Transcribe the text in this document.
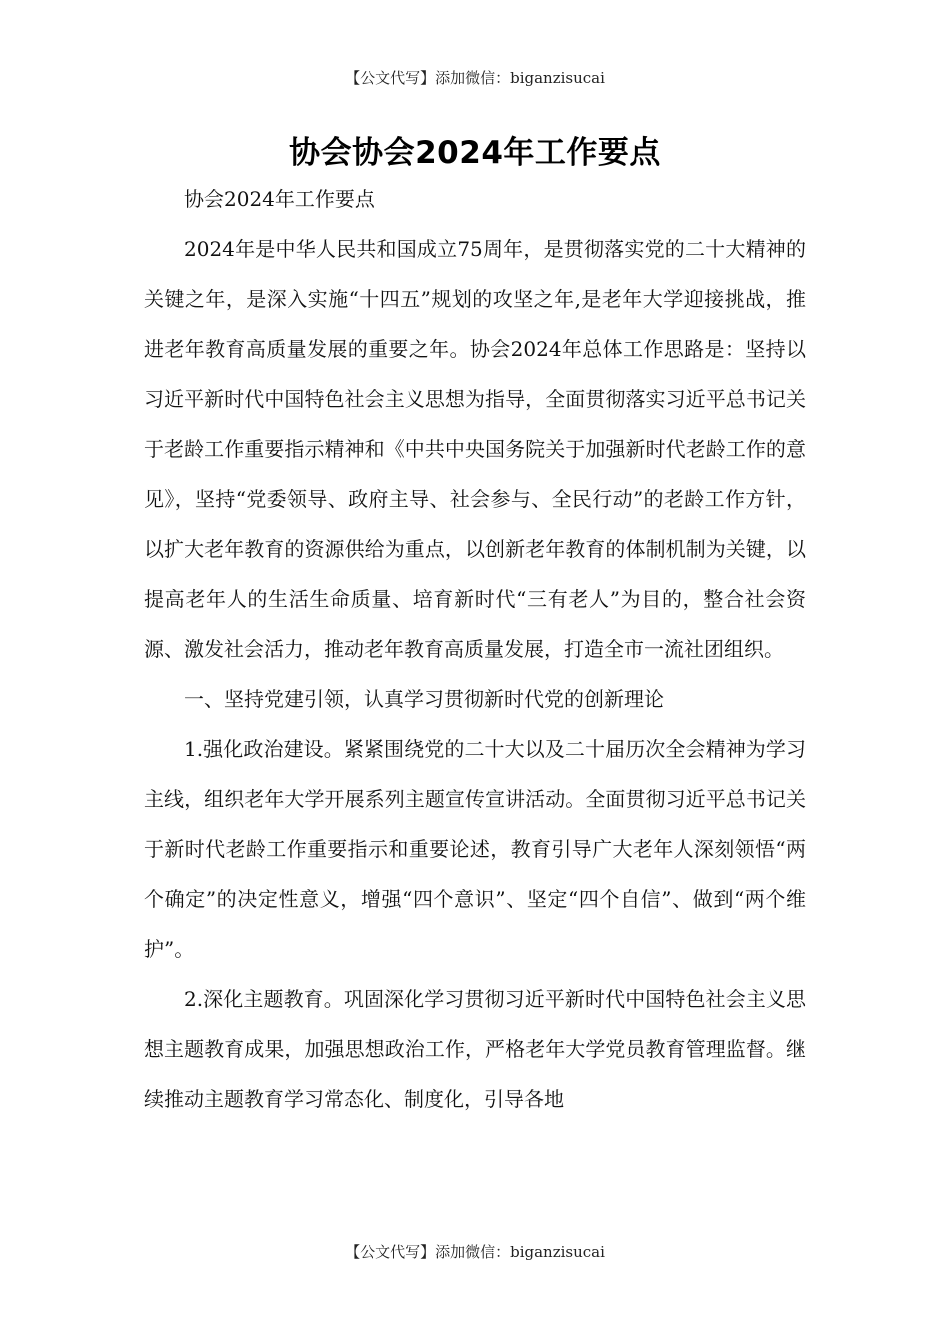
【公文代写】添加微信：biganzisucai
协会协会2024年工作要点

协会2024年工作要点

2024年是中华人民共和国成立75周年，是贯彻落实党的二十大精神的关键之年，是深入实施“十四五”规划的攻坚之年,是老年大学迎接挑战，推进老年教育高质量发展的重要之年。协会2024年总体工作思路是：坚持以习近平新时代中国特色社会主义思想为指导，全面贯彻落实习近平总书记关于老龄工作重要指示精神和《中共中央国务院关于加强新时代老龄工作的意见》，坚持“党委领导、政府主导、社会参与、全民行动”的老龄工作方针，以扩大老年教育的资源供给为重点，以创新老年教育的体制机制为关键，以提高老年人的生活生命质量、培育新时代“三有老人”为目的，整合社会资源、激发社会活力，推动老年教育高质量发展，打造全市一流社团组织。

一、坚持党建引领，认真学习贯彻新时代党的创新理论

1.强化政治建设。紧紧围绕党的二十大以及二十届历次全会精神为学习主线，组织老年大学开展系列主题宣传宣讲活动。全面贯彻习近平总书记关于新时代老龄工作重要指示和重要论述，教育引导广大老年人深刻领悟“两个确定”的决定性意义，增强“四个意识”、坚定“四个自信”、做到“两个维护”。

2.深化主题教育。巩固深化学习贯彻习近平新时代中国特色社会主义思想主题教育成果，加强思想政治工作，严格老年大学党员教育管理监督。继续推动主题教育学习常态化、制度化，引导各地

【公文代写】添加微信：biganzisucai
